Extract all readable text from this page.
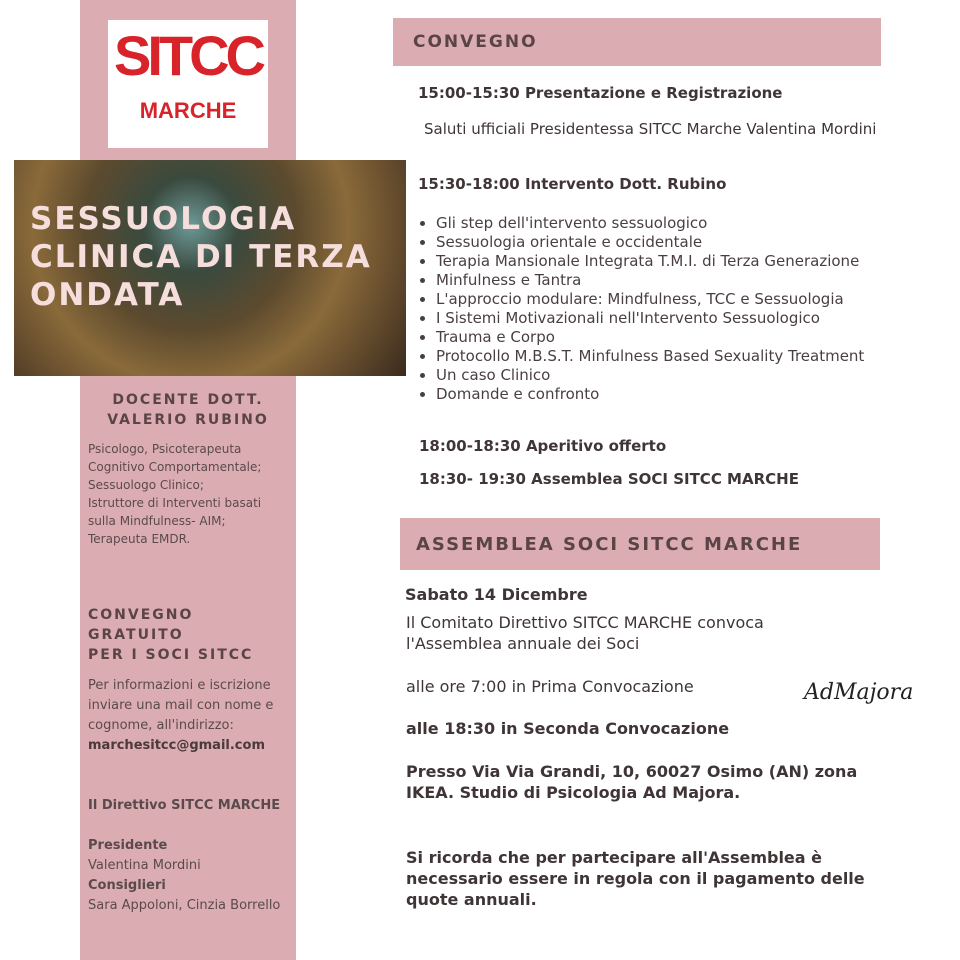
SITCC
MARCHE
SESSUOLOGIA CLINICA DI TERZA ONDATA
DOCENTE DOTT. VALERIO RUBINO
Psicologo, Psicoterapeuta
Cognitivo Comportamentale;
Sessuologo Clinico;
Istruttore di Interventi basati
sulla Mindfulness- AIM;
Terapeuta EMDR.
CONVEGNO
GRATUITO
PER I SOCI SITCC
Per informazioni e iscrizione inviare una mail con nome e cognome, all'indirizzo:
marchesitcc@gmail.com
Il Direttivo SITCC MARCHE
Presidente
Valentina Mordini
Consiglieri
Sara Appoloni, Cinzia Borrello
CONVEGNO
15:00-15:30 Presentazione e Registrazione
Saluti ufficiali Presidentessa SITCC Marche Valentina Mordini
15:30-18:00 Intervento Dott. Rubino
• Gli step dell'intervento sessuologico
• Sessuologia orientale e occidentale
• Terapia Mansionale Integrata T.M.I. di Terza Generazione
• Minfulness e Tantra
• L'approccio modulare: Mindfulness, TCC e Sessuologia
• I Sistemi Motivazionali nell'Intervento Sessuologico
• Trauma e Corpo
• Protocollo M.B.S.T. Minfulness Based Sexuality Treatment
• Un caso Clinico
• Domande e confronto
18:00-18:30 Aperitivo offerto
18:30- 19:30 Assemblea SOCI SITCC MARCHE
ASSEMBLEA SOCI SITCC MARCHE
Sabato 14 Dicembre
Il Comitato Direttivo SITCC MARCHE convoca l'Assemblea annuale dei Soci
alle ore 7:00 in Prima Convocazione
alle 18:30 in Seconda Convocazione
Presso Via Via Grandi, 10, 60027 Osimo (AN) zona IKEA. Studio di Psicologia Ad Majora.
Si ricorda che per partecipare all'Assemblea è necessario essere in regola con il pagamento delle quote annuali.
AdMajora
